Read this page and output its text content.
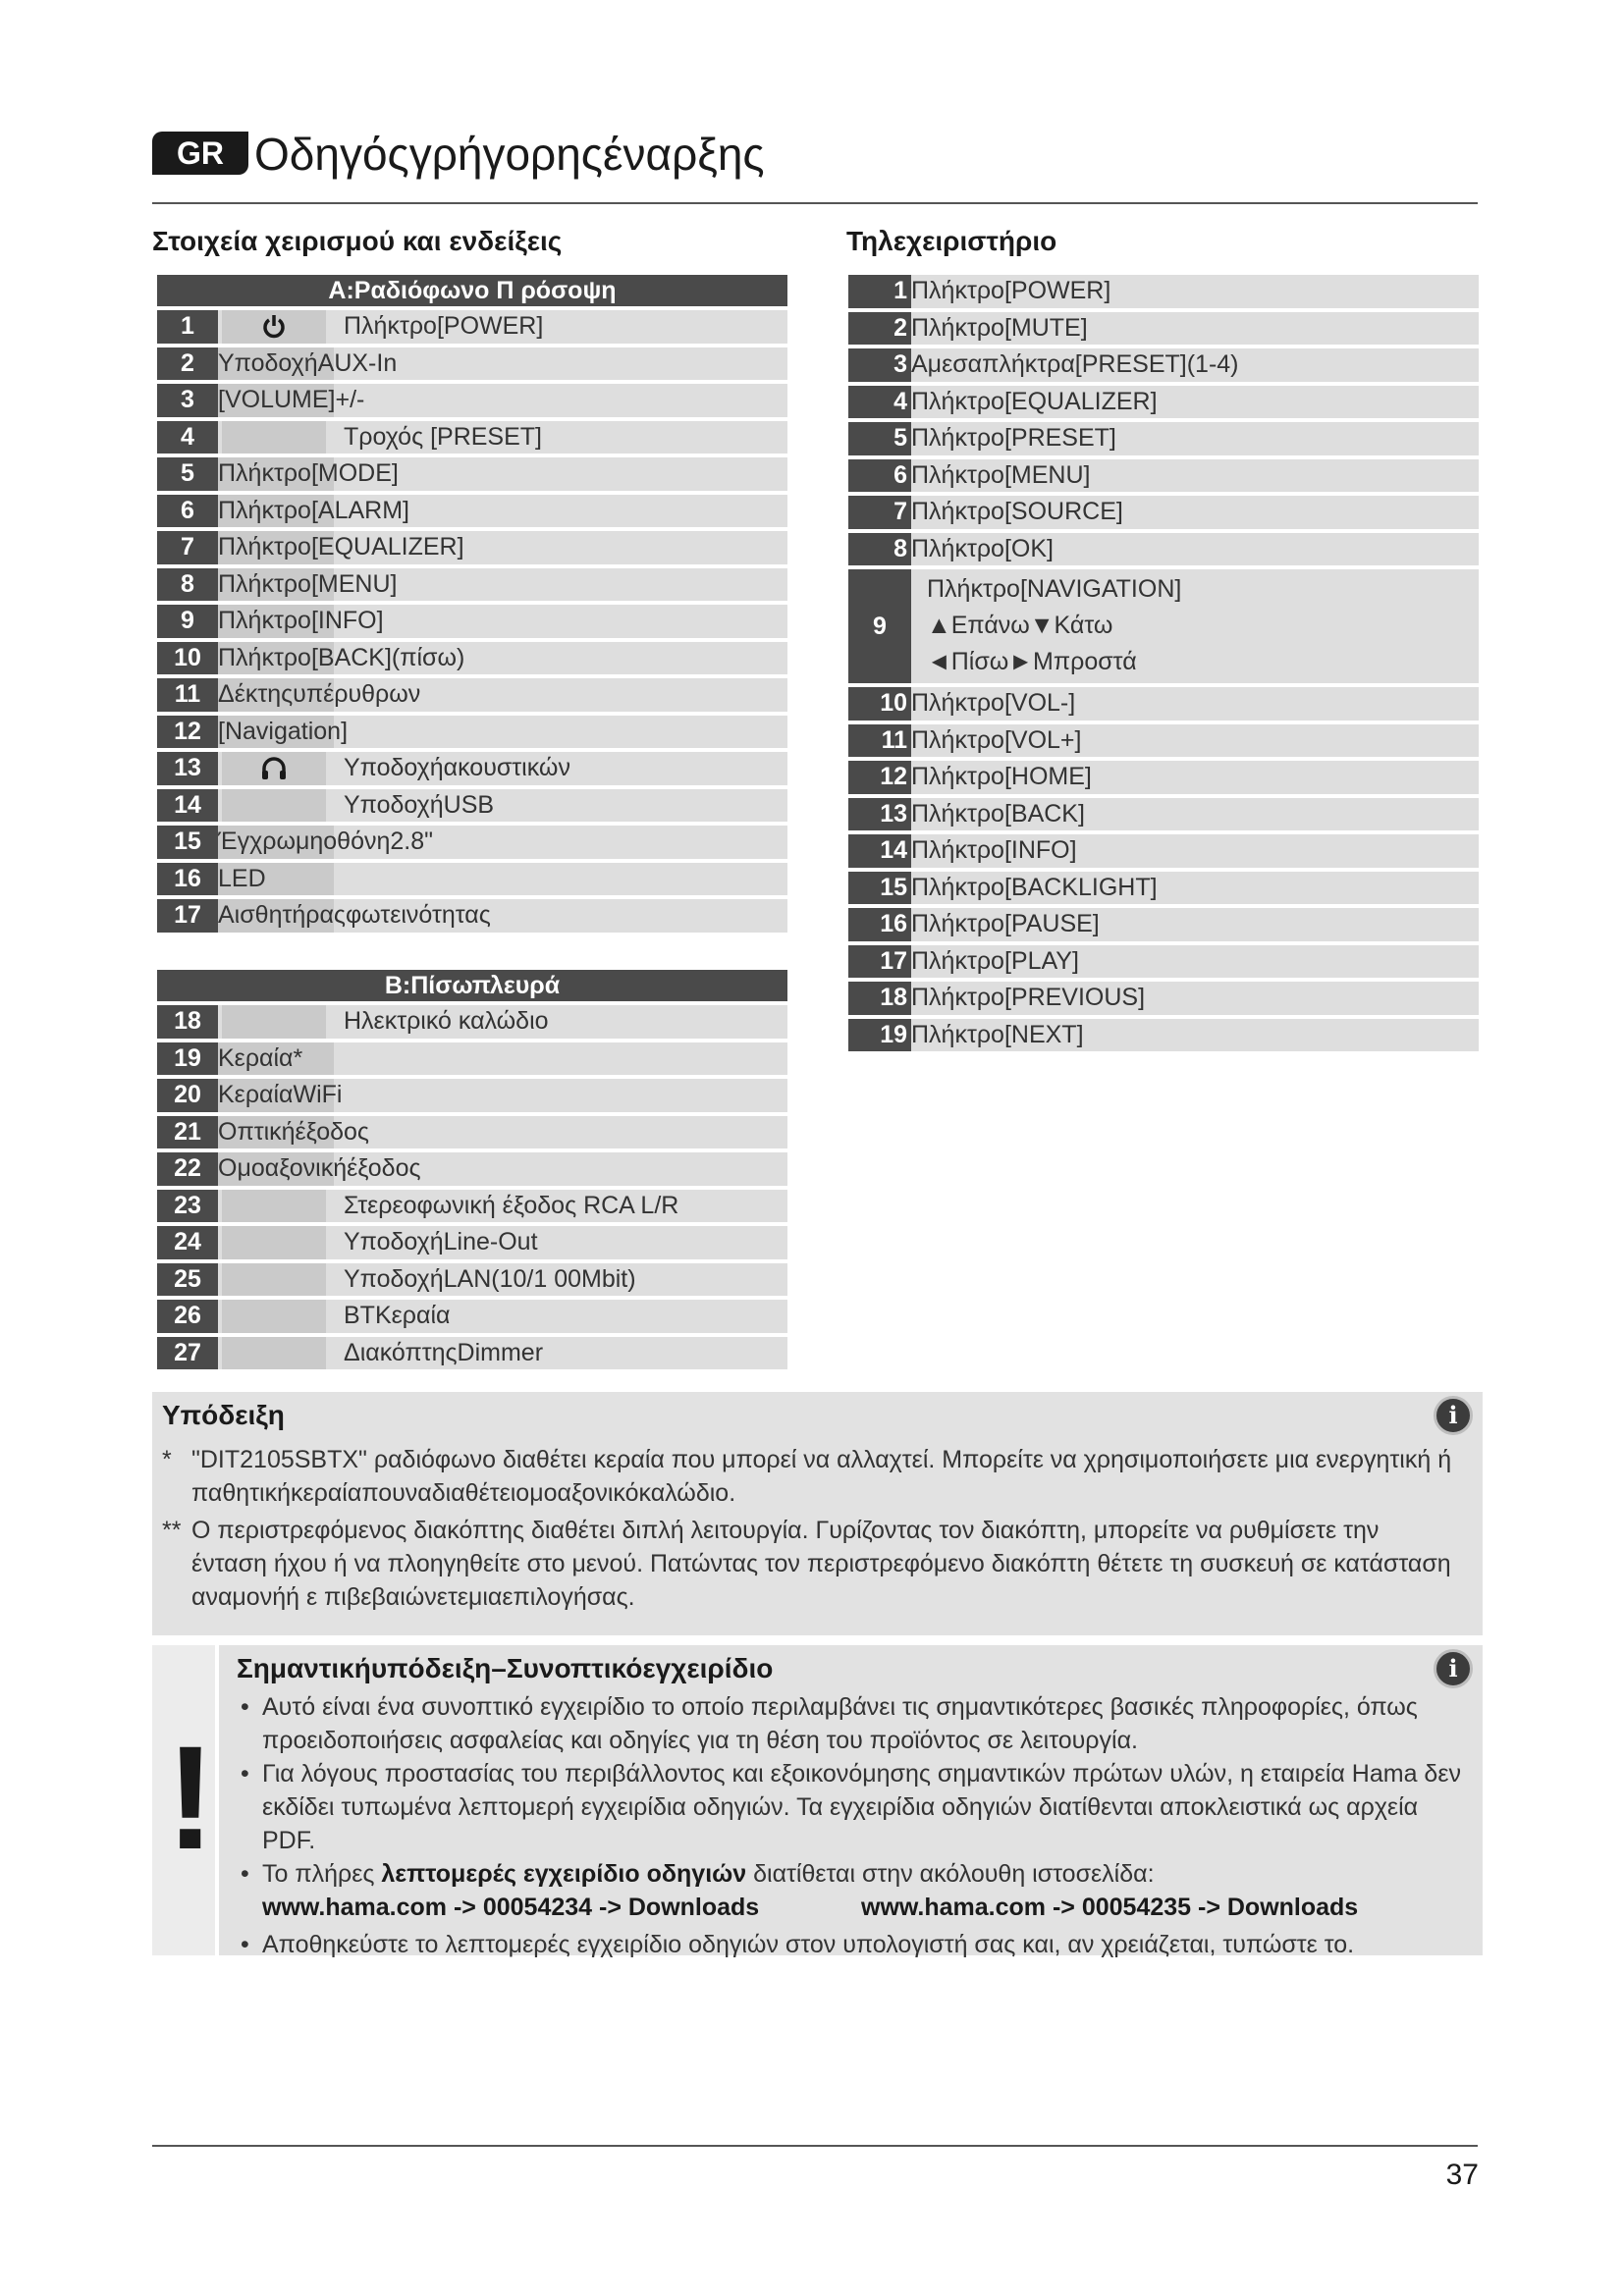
GR Οδηγόςγρήγορηςέναρξης
Στοιχεία χειρισμού και ενδείξεις	Τηλεχειριστήριο
A:Ραδιόφωνο Π ρόσοψη
1	Πλήκτρο[POWER]
2 ΥποδοχήAUX-In
3 [VOLUME]+/-
4	Τροχός [PRESET]
5 Πλήκτρο[MODE]
6 Πλήκτρο[ALARM]
7 Πλήκτρο[EQUALIZER]
8 Πλήκτρο[MENU]
9 Πλήκτρο[INFO]
10 Πλήκτρο[BACK](πίσω)
11 Δέκτηςυπέρυθρων
12 [Navigation]
13	Υποδοχήακουστικών
14	ΥποδοχήUSB
15 Έγχρωμηοθόνη2.8"
16 LED
17 Αισθητήραςφωτεινότητας
B:Πίσωπλευρά
18	Ηλεκτρικό καλώδιο
19 Κεραία*
20 ΚεραίαWiFi
21 Οπτικήέξοδος
22 Ομοαξονικήέξοδος
23	Στερεοφωνική έξοδος RCA L/R
24	ΥποδοχήLine-Out
25	ΥποδοχήLAN(10/1 00Mbit)
26	BTΚεραία
27	ΔιακόπτηςDimmer
1 Πλήκτρο[POWER]
2 Πλήκτρο[MUTE]
3 Αμεσαπλήκτρα[PRESET](1-4)
4 Πλήκτρο[EQUALIZER]
5 Πλήκτρο[PRESET]
6 Πλήκτρο[MENU]
7 Πλήκτρο[SOURCE]
8 Πλήκτρο[OK]
9
Πλήκτρο[NAVIGATION]
▲Επάνω▼Κάτω
◄Πίσω►Μπροστά
10 Πλήκτρο[VOL-]
11 Πλήκτρο[VOL+]
12 Πλήκτρο[HOME]
13 Πλήκτρο[BACK]
14 Πλήκτρο[INFO]
15 Πλήκτρο[BACKLIGHT]
16 Πλήκτρο[PAUSE]
17 Πλήκτρο[PLAY]
18 Πλήκτρο[PREVIOUS]
19 Πλήκτρο[NEXT]
i
Υπόδειξη
* "DIT2105SBTX" ραδιόφωνο διαθέτει κεραία που μπορεί να αλλαχτεί. Μπορείτε να χρησιμοποιήσετε μια ενεργητική ή παθητικήκεραίαπουναδιαθέτειομοαξονικόκαλώδιο.
** Ο περιστρεφόμενος διακόπτης διαθέτει διπλή λειτουργία. Γυρίζοντας τον διακόπτη, μπορείτε να ρυθμίσετε την ένταση ήχου ή να πλοηγηθείτε στο μενού. Πατώντας τον περιστρεφόμενο διακόπτη θέτετε τη συσκευή σε κατάσταση αναμονήή ε πιβεβαιώνετεμιαεπιλογήσας.
!
i
Σημαντικήυπόδειξη–Συνοπτικόεγχειρίδιο
• Αυτό είναι ένα συνοπτικό εγχειρίδιο το οποίο περιλαμβάνει τις σημαντικότερες βασικές πληροφορίες, όπως προειδοποιήσεις ασφαλείας και οδηγίες για τη θέση του προϊόντος σε λειτουργία.
• Για λόγους προστασίας του περιβάλλοντος και εξοικονόμησης σημαντικών πρώτων υλών, η εταιρεία Hama δεν εκδίδει τυπωμένα λεπτομερή εγχειρίδια οδηγιών. Τα εγχειρίδια οδηγιών διατίθενται αποκλειστικά ως αρχεία PDF.
• Το πλήρες λεπτομερές εγχειρίδιο οδηγιών διατίθεται στην ακόλουθη ιστοσελίδα:
www.hama.com -> 00054234 -> Downloads	www.hama.com -> 00054235 -> Downloads
• Αποθηκεύστε το λεπτομερές εγχειρίδιο οδηγιών στον υπολογιστή σας και, αν χρειάζεται, τυπώστε το.
37
